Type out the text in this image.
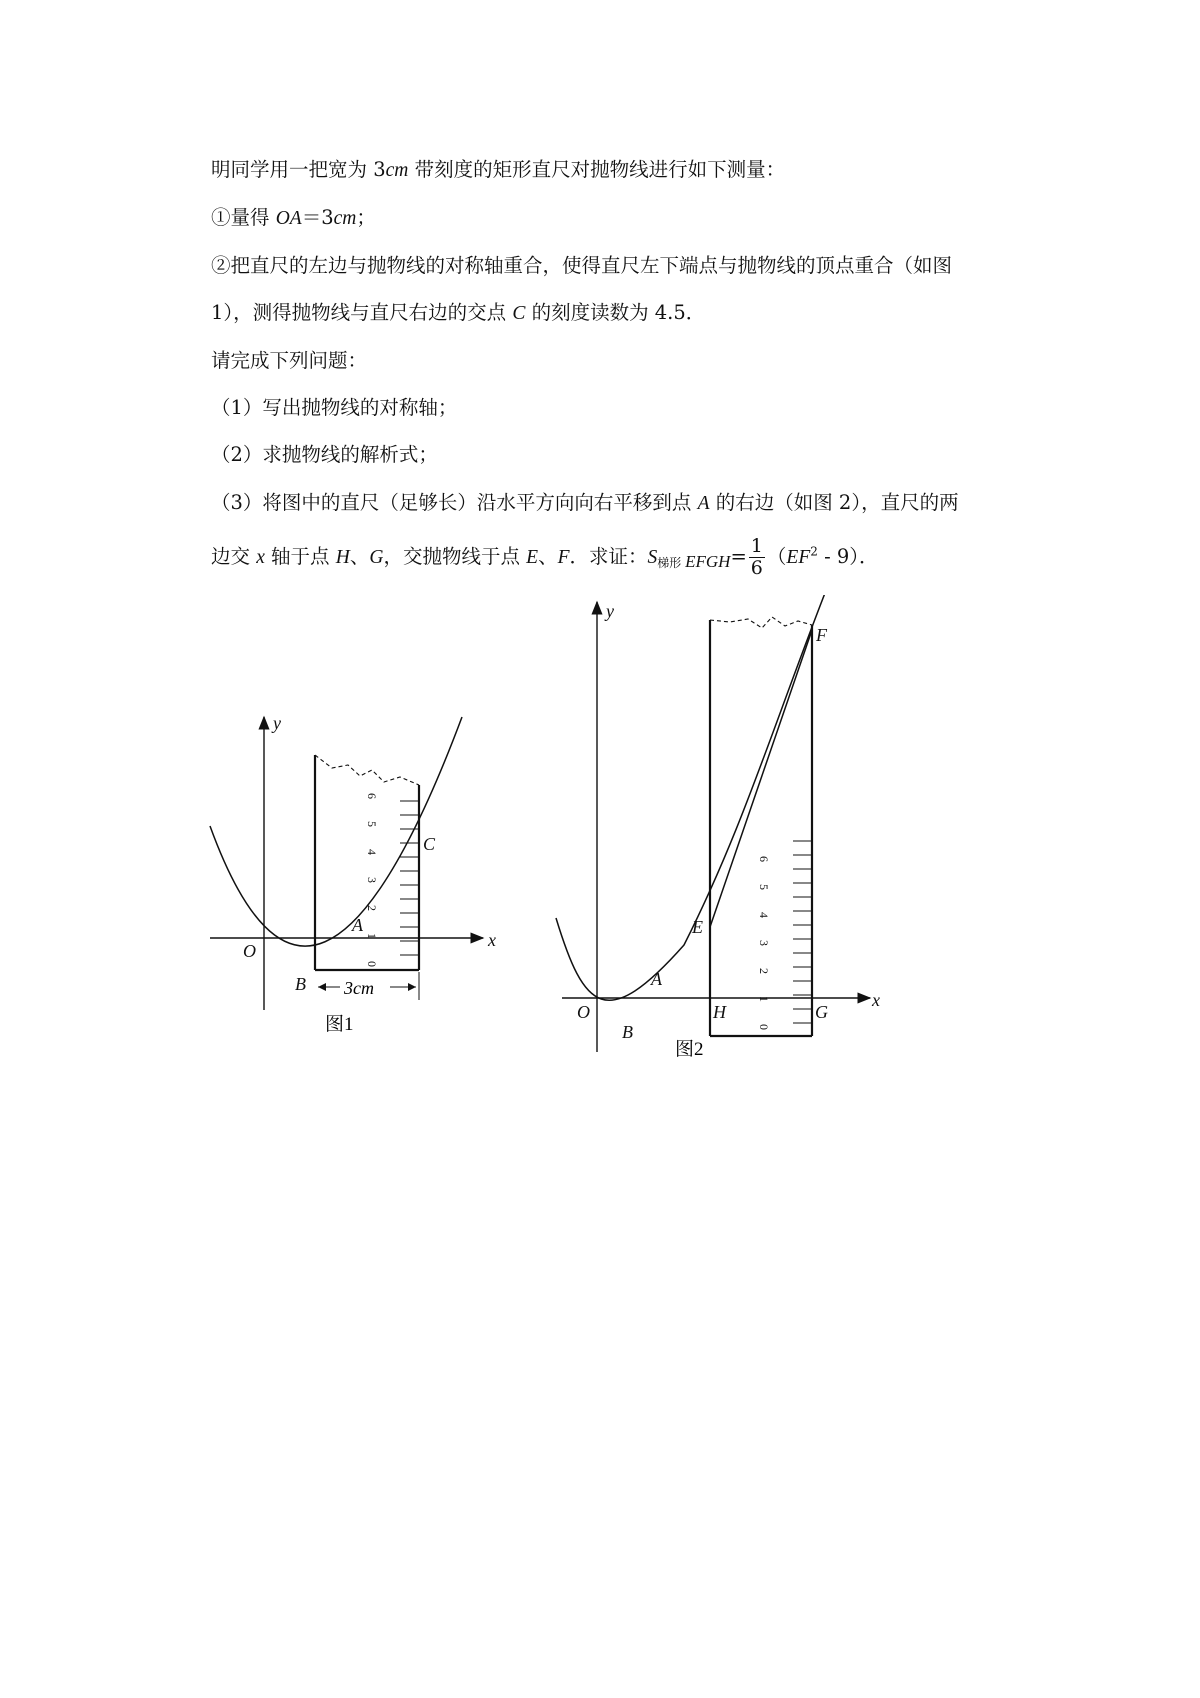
明同学用一把宽为 3cm 带刻度的矩形直尺对抛物线进行如下测量：
①量得 OA＝3cm；
②把直尺的左边与抛物线的对称轴重合，使得直尺左下端点与抛物线的顶点重合（如图
1），测得抛物线与直尺右边的交点 C 的刻度读数为 4.5．
请完成下列问题：
（1）写出抛物线的对称轴；
（2）求抛物线的解析式；
（3）将图中的直尺（足够长）沿水平方向向右平移到点 A 的右边（如图 2），直尺的两
边交 x 轴于点 H、G，交抛物线于点 E、F．求证：$S_{梯形}$ EFGH= $\frac{1}{6} (EF^2 - 9)$．
0
1
2
3
4
5
6
3cm
y
x
O
A
B
C
图1	0
1
2
3
4
5
6
y
x
O
A
B
E
F
H	G
图2
